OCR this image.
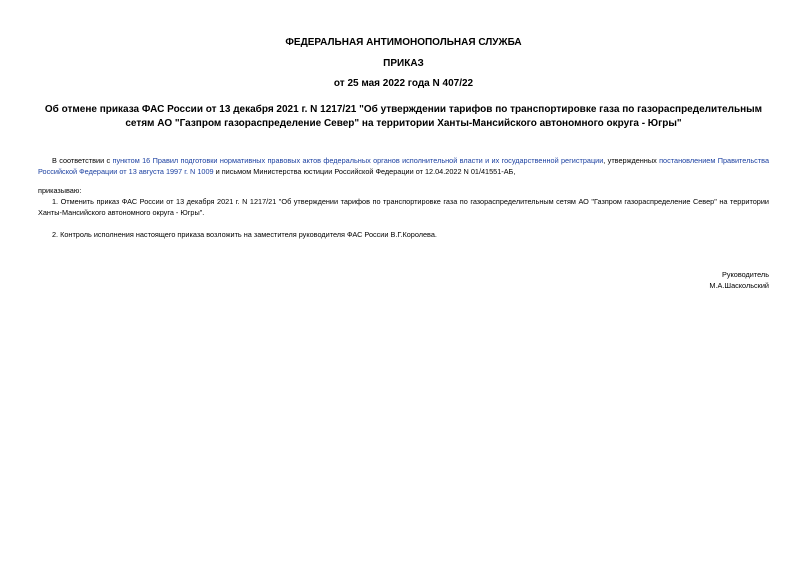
ФЕДЕРАЛЬНАЯ АНТИМОНОПОЛЬНАЯ СЛУЖБА

ПРИКАЗ

от 25 мая 2022 года N 407/22

Об отмене приказа ФАС России от 13 декабря 2021 г. N 1217/21 "Об утверждении тарифов по транспортировке газа по газораспределительным сетям АО "Газпром газораспределение Север" на территории Ханты-Мансийского автономного округа - Югры"

В соответствии с пунктом 16 Правил подготовки нормативных правовых актов федеральных органов исполнительной власти и их государственной регистрации, утвержденных постановлением Правительства Российской Федерации от 13 августа 1997 г. N 1009 и письмом Министерства юстиции Российской Федерации от 12.04.2022 N 01/41551-АБ,

приказываю:

1. Отменить приказ ФАС России от 13 декабря 2021 г. N 1217/21 "Об утверждении тарифов по транспортировке газа по газораспределительным сетям АО "Газпром газораспределение Север" на территории Ханты-Мансийского автономного округа - Югры".

2. Контроль исполнения настоящего приказа возложить на заместителя руководителя ФАС России В.Г.Королева.

Руководитель

М.А.Шаскольский
